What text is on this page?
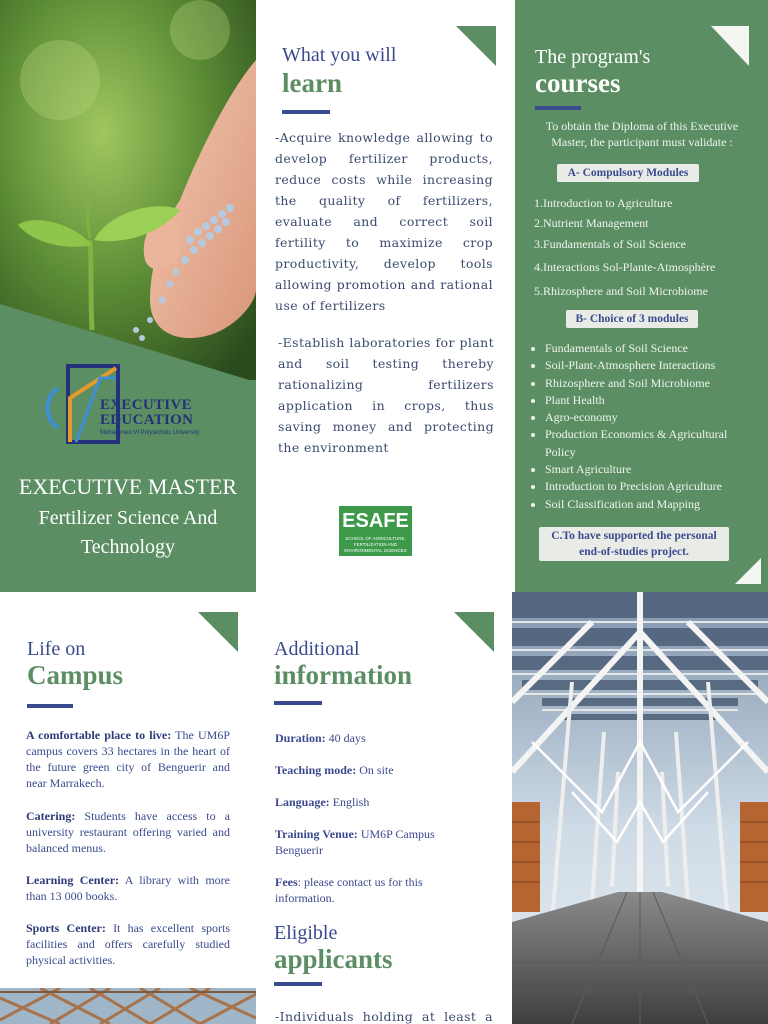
EXECUTIVE
EDUCATION
Mohammed VI Polytechnic University
EXECUTIVE MASTER
Fertilizer Science And
Technology
What you will
learn
-Acquire knowledge allowing to develop fertilizer products, reduce costs while increasing the quality of fertilizers, evaluate and correct soil fertility to maximize crop productivity, develop tools allowing promotion and rational use of fertilizers
-Establish laboratories for plant and soil testing thereby rationalizing fertilizers application in crops, thus saving money and protecting the environment
ESAFE
SCHOOL OF AGRICULTURE, FERTILIZATION AND ENVIRONMENTAL SCIENCES
The program's
courses
To obtain the Diploma of this Executive Master, the participant must validate :
A- Compulsory Modules
1.Introduction to Agriculture
2.Nutrient Management
3.Fundamentals of Soil Science
4.Interactions Sol-Plante-Atmosphère
5.Rhizosphere and Soil Microbiome
B- Choice of 3 modules
• Fundamentals of Soil Science
• Soil-Plant-Atmosphere Interactions
• Rhizosphere and Soil Microbiome
• Plant Health
• Agro-economy
• Production Economics & Agricultural Policy
• Smart Agriculture
• Introduction to Precision Agriculture
• Soil Classification and Mapping
C.To have supported the personal
end-of-studies project.
Life on
Campus
A comfortable place to live: The UM6P campus covers 33 hectares in the heart of the future green city of Benguerir and near Marrakech.
Catering: Students have access to a university restaurant offering varied and balanced menus.
Learning Center: A library with more than 13 000 books.
Sports Center: It has excellent sports facilities and offers carefully studied physical activities.
Additional
information
Duration: 40 days
Teaching mode: On site
Language: English
Training Venue: UM6P Campus Benguerir
Fees: please contact us for this information.
Eligible
applicants
-Individuals holding at least a
